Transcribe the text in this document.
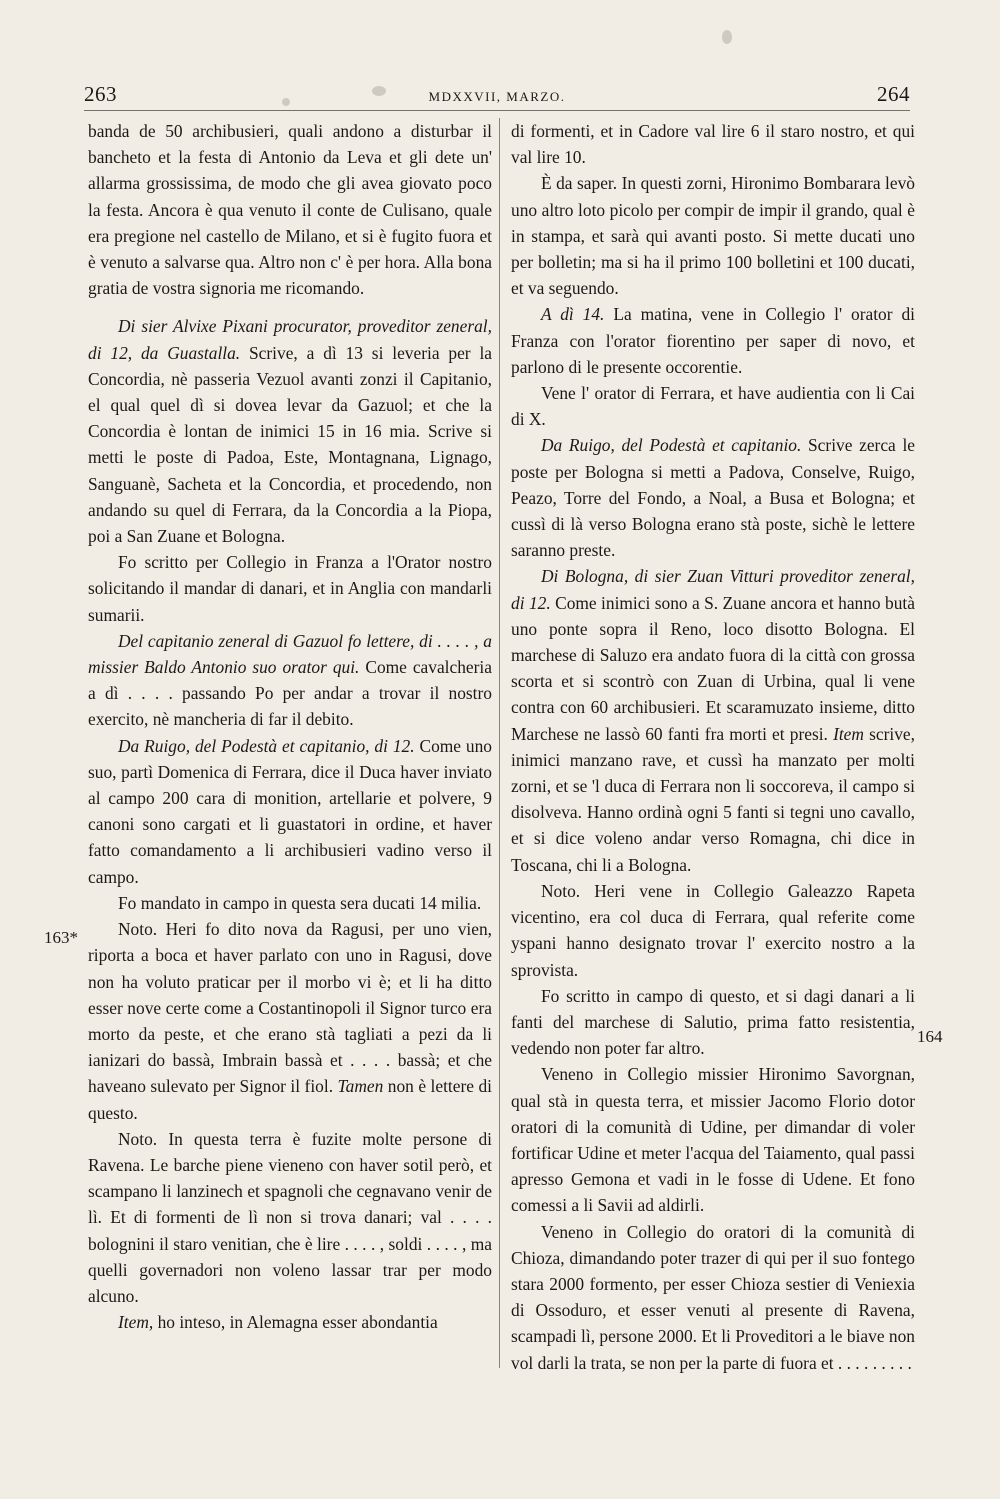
263	MDXXVII, MARZO.	264
163*
164

banda de 50 archibusieri, quali andono a disturbar il bancheto et la festa di Antonio da Leva et gli dete un' allarma grossissima, de modo che gli avea giovato poco la festa. Ancora è qua venuto il conte de Culisano, quale era pregione nel castello de Milano, et si è fugito fuora et è venuto a salvarse qua. Altro non c' è per hora. Alla bona gratia de vostra signoria me ricomando.

Di sier Alvixe Pixani procurator, proveditor zeneral, di 12, da Guastalla. Scrive, a dì 13 si leveria per la Concordia, nè passeria Vezuol avanti zonzi il Capitanio, el qual quel dì si dovea levar da Gazuol; et che la Concordia è lontan de inimici 15 in 16 mia. Scrive si metti le poste di Padoa, Este, Montagnana, Lignago, Sanguanè, Sacheta et la Concordia, et procedendo, non andando su quel di Ferrara, da la Concordia a la Piopa, poi a San Zuane et Bologna.

Fo scritto per Collegio in Franza a l'Orator nostro solicitando il mandar di danari, et in Anglia con mandarli sumarii.

Del capitanio zeneral di Gazuol fo lettere, di . . . . , a missier Baldo Antonio suo orator qui. Come cavalcheria a dì . . . . passando Po per andar a trovar il nostro exercito, nè mancheria di far il debito.

Da Ruigo, del Podestà et capitanio, di 12. Come uno suo, partì Domenica di Ferrara, dice il Duca haver inviato al campo 200 cara di monition, artellarie et polvere, 9 canoni sono cargati et li guastatori in ordine, et haver fatto comandamento a li archibusieri vadino verso il campo.

Fo mandato in campo in questa sera ducati 14 milia.

Noto. Heri fo dito nova da Ragusi, per uno vien, riporta a boca et haver parlato con uno in Ragusi, dove non ha voluto praticar per il morbo vi è; et li ha ditto esser nove certe come a Costantinopoli il Signor turco era morto da peste, et che erano stà tagliati a pezi da li ianizari do bassà, Imbrain bassà et . . . . bassà; et che haveano sulevato per Signor il fiol. Tamen non è lettere di questo.

Noto. In questa terra è fuzite molte persone di Ravena. Le barche piene vieneno con haver sotil però, et scampano li lanzinech et spagnoli che cegnavano venir de lì. Et di formenti de lì non si trova danari; val . . . . bolognini il staro venitian, che è lire . . . . , soldi . . . . , ma quelli governadori non voleno lassar trar per modo alcuno.

Item, ho inteso, in Alemagna esser abondantia

di formenti, et in Cadore val lire 6 il staro nostro, et qui val lire 10.

È da saper. In questi zorni, Hironimo Bombarara levò uno altro loto picolo per compir de impir il grando, qual è in stampa, et sarà qui avanti posto. Si mette ducati uno per bolletin; ma si ha il primo 100 bolletini et 100 ducati, et va seguendo.

A dì 14. La matina, vene in Collegio l' orator di Franza con l'orator fiorentino per saper di novo, et parlono di le presente occorentie.

Vene l' orator di Ferrara, et have audientia con li Cai di X.

Da Ruigo, del Podestà et capitanio. Scrive zerca le poste per Bologna si metti a Padova, Conselve, Ruigo, Peazo, Torre del Fondo, a Noal, a Busa et Bologna; et cussì di là verso Bologna erano stà poste, sichè le lettere saranno preste.

Di Bologna, di sier Zuan Vitturi proveditor zeneral, di 12. Come inimici sono a S. Zuane ancora et hanno butà uno ponte sopra il Reno, loco disotto Bologna. El marchese di Saluzo era andato fuora di la città con grossa scorta et si scontrò con Zuan di Urbina, qual li vene contra con 60 archibusieri. Et scaramuzato insieme, ditto Marchese ne lassò 60 fanti fra morti et presi. Item scrive, inimici manzano rave, et cussì ha manzato per molti zorni, et se 'l duca di Ferrara non li soccoreva, il campo si disolveva. Hanno ordinà ogni 5 fanti si tegni uno cavallo, et si dice voleno andar verso Romagna, chi dice in Toscana, chi li a Bologna.

Noto. Heri vene in Collegio Galeazzo Rapeta vicentino, era col duca di Ferrara, qual referite come yspani hanno designato trovar l' exercito nostro a la sprovista.

Fo scritto in campo di questo, et si dagi danari a li fanti del marchese di Salutio, prima fatto resistentia, vedendo non poter far altro.

Veneno in Collegio missier Hironimo Savorgnan, qual stà in questa terra, et missier Jacomo Florio dotor oratori di la comunità di Udine, per dimandar di voler fortificar Udine et meter l'acqua del Taiamento, qual passi apresso Gemona et vadi in le fosse di Udene. Et fono comessi a li Savii ad aldirli.

Veneno in Collegio do oratori di la comunità di Chioza, dimandando poter trazer di qui per il suo fontego stara 2000 formento, per esser Chioza sestier di Veniexia di Ossoduro, et esser venuti al presente di Ravena, scampadi lì, persone 2000. Et li Proveditori a le biave non vol darli la trata, se non per la parte di fuora et . . . . . . . . .
